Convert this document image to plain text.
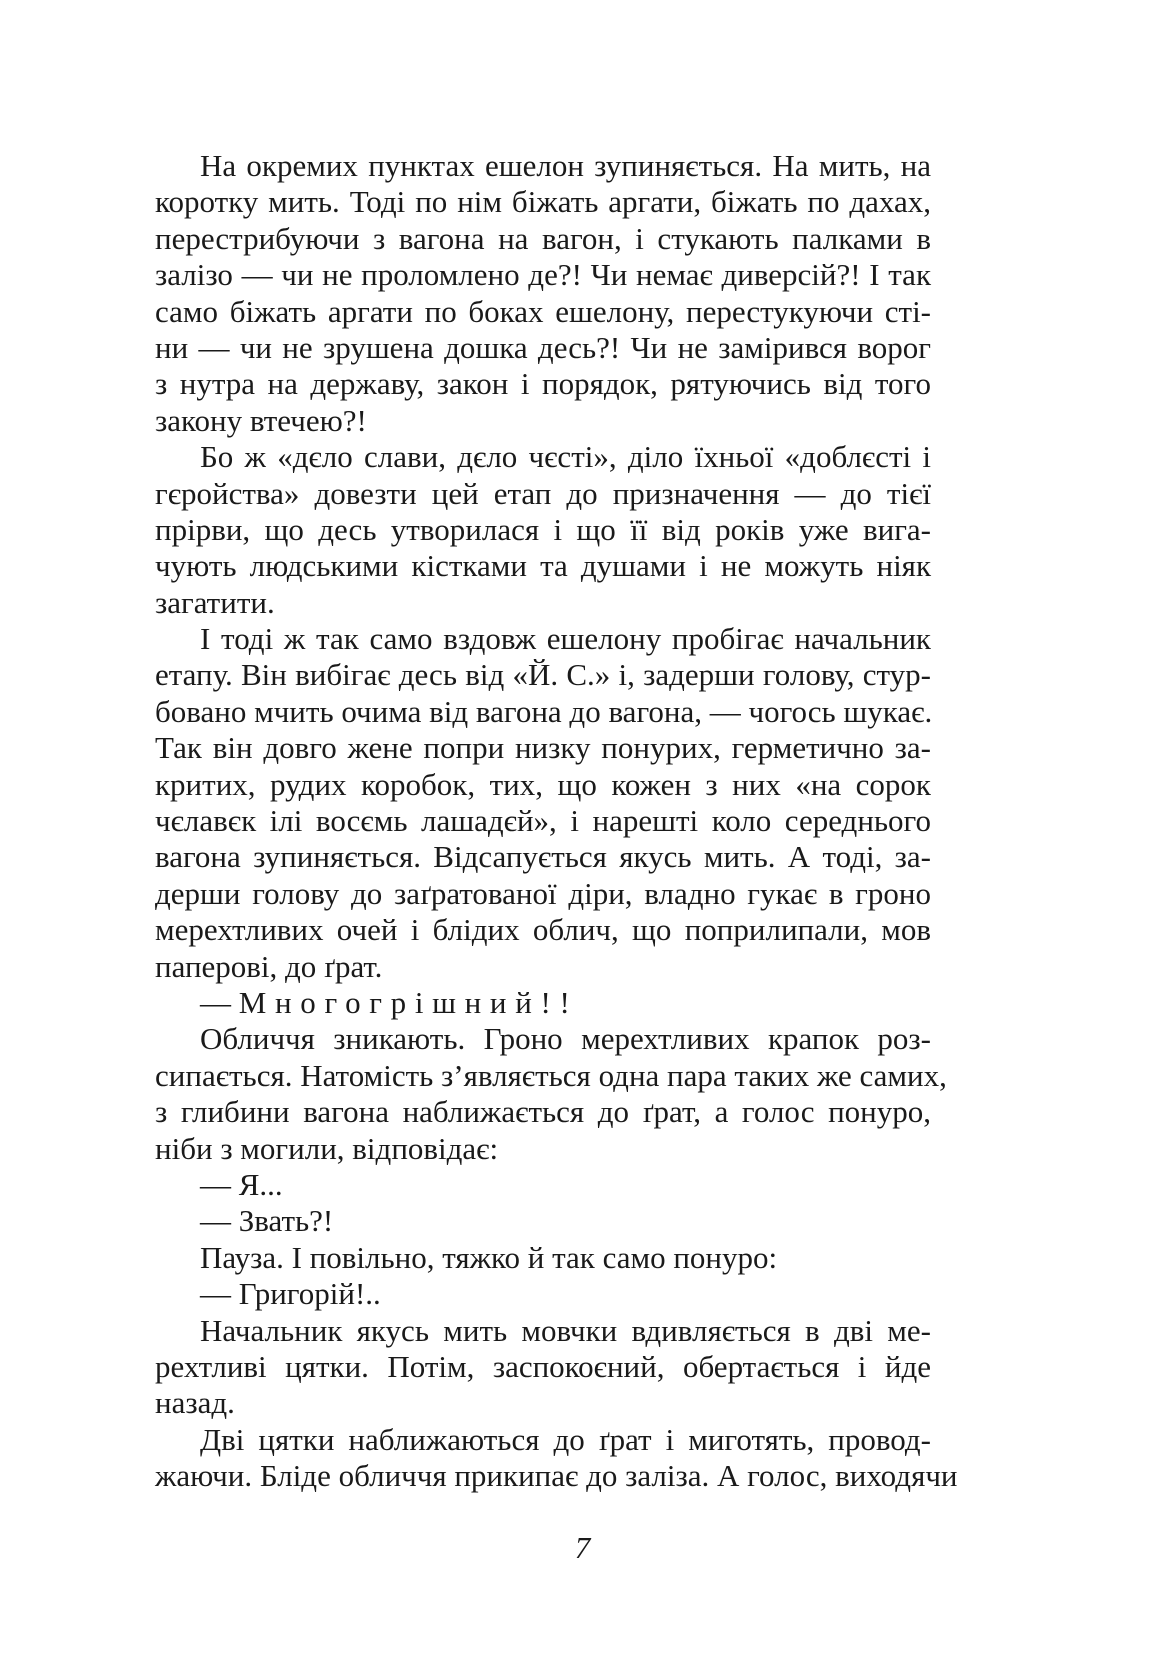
На окремих пунктах ешелон зупиняється. На мить, на
коротку мить. Тоді по нім біжать аргати, біжать по дахах,
перестрибуючи з вагона на вагон, і стукають палками в
залізо — чи не проломлено де?! Чи немає диверсій?! І так
само біжать аргати по боках ешелону, перестукуючи сті-
ни — чи не зрушена дошка десь?! Чи не замірився ворог
з нутра на державу, закон і порядок, рятуючись від того
закону втечею?!
Бо ж «дєло слави, дєло чєсті», діло їхньої «доблєсті і
гєройства» довезти цей етап до призначення — до тієї
прірви, що десь утворилася і що її від років уже вига-
чують людськими кістками та душами і не можуть ніяк
загатити.
І тоді ж так само вздовж ешелону пробігає начальник
етапу. Він вибігає десь від «Й. С.» і, задерши голову, стур-
бовано мчить очима від вагона до вагона, — чогось шукає.
Так він довго жене попри низку понурих, герметично за-
критих, рудих коробок, тих, що кожен з них «на сорок
чєлавєк ілі восємь лашадєй», і нарешті коло середнього
вагона зупиняється. Відсапується якусь мить. А тоді, за-
дерши голову до заґратованої діри, владно гукає в гроно
мерехтливих очей і блідих облич, що поприлипали, мов
паперові, до ґрат.
— Многогрішний!!
Обличчя зникають. Гроно мерехтливих крапок роз-
сипається. Натомість з’являється одна пара таких же самих,
з глибини вагона наближається до ґрат, а голос понуро,
ніби з могили, відповідає:
— Я...
— Звать?!
Пауза. І повільно, тяжко й так само понуро:
— Григорій!..
Начальник якусь мить мовчки вдивляється в дві ме-
рехтливі цятки. Потім, заспокоєний, обертається і йде
назад.
Дві цятки наближаються до ґрат і миготять, провод-
жаючи. Бліде обличчя прикипає до заліза. А голос, виходячи
7
